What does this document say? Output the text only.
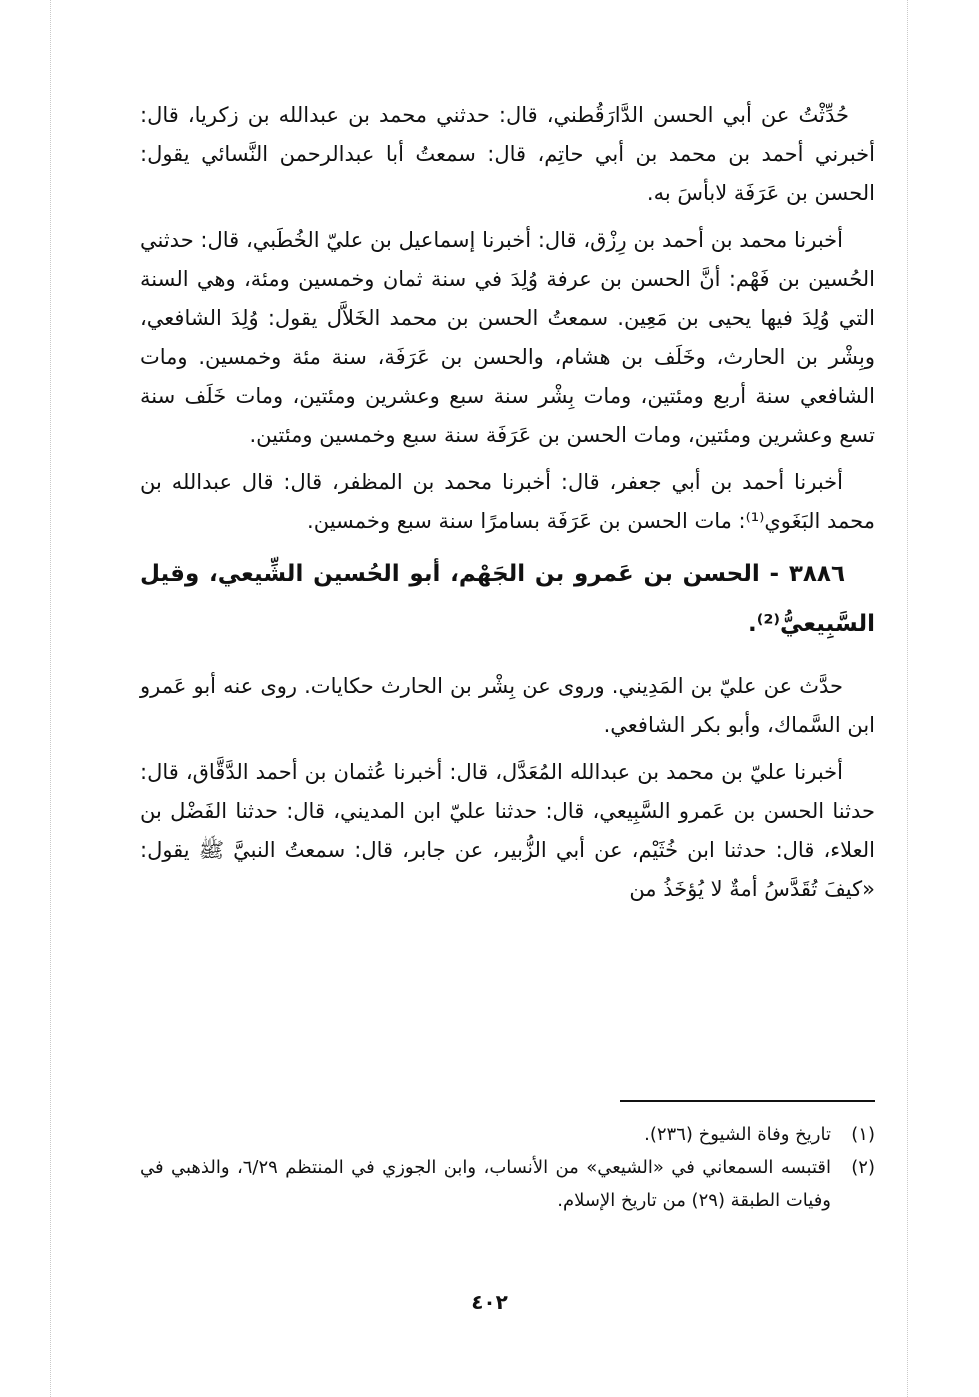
حُدِّثْتُ عن أبي الحسن الدَّارَقُطني، قال: حدثني محمد بن عبدالله بن زكريا، قال: أخبرني أحمد بن محمد بن أبي حاتِم، قال: سمعتُ أبا عبدالرحمن النَّسائي يقول: الحسن بن عَرَفَة لابأسَ به.

أخبرنا محمد بن أحمد بن رِزْق، قال: أخبرنا إسماعيل بن عليّ الخُطَبي، قال: حدثني الحُسين بن فَهْم: أنَّ الحسن بن عرفة وُلِدَ في سنة ثمان وخمسين ومئة، وهي السنة التي وُلِدَ فيها يحيى بن مَعِين. سمعتُ الحسن بن محمد الخَلاَّل يقول: وُلِدَ الشافعي، وبِشْر بن الحارث، وخَلَف بن هشام، والحسن بن عَرَفَة، سنة مئة وخمسين. ومات الشافعي سنة أربع ومئتين، ومات بِشْر سنة سبع وعشرين ومئتين، ومات خَلَف سنة تسع وعشرين ومئتين، ومات الحسن بن عَرَفَة سنة سبع وخمسين ومئتين.

أخبرنا أحمد بن أبي جعفر، قال: أخبرنا محمد بن المظفر، قال: قال عبدالله بن محمد البَغَوي⁽¹⁾: مات الحسن بن عَرَفَة بسامرًا سنة سبع وخمسين.

٣٨٨٦ - الحسن بن عَمرو بن الجَهْم، أبو الحُسين الشِّيعي، وقيل السَّبِيعيُّ⁽²⁾.

حدَّث عن عليّ بن المَدِيني. وروى عن بِشْر بن الحارث حكايات. روى عنه أبو عَمرو ابن السَّماك، وأبو بكر الشافعي.

أخبرنا عليّ بن محمد بن عبدالله المُعَدَّل، قال: أخبرنا عُثمان بن أحمد الدَّقَّاق، قال: حدثنا الحسن بن عَمرو السَّبِيعي، قال: حدثنا عليّ ابن المديني، قال: حدثنا الفَضْل بن العلاء، قال: حدثنا ابن خُثَيْم، عن أبي الزُّبير، عن جابر، قال: سمعتُ النبيَّ ﷺ يقول: «كيفَ تُقَدَّسُ أمةٌ لا يُؤخَذُ من

(١)
تاريخ وفاة الشيوخ (٢٣٦).
(٢)
اقتبسه السمعاني في «الشيعي» من الأنساب، وابن الجوزي في المنتظم ٦/٢٩، والذهبي في وفيات الطبقة (٢٩) من تاريخ الإسلام.
٤٠٢
